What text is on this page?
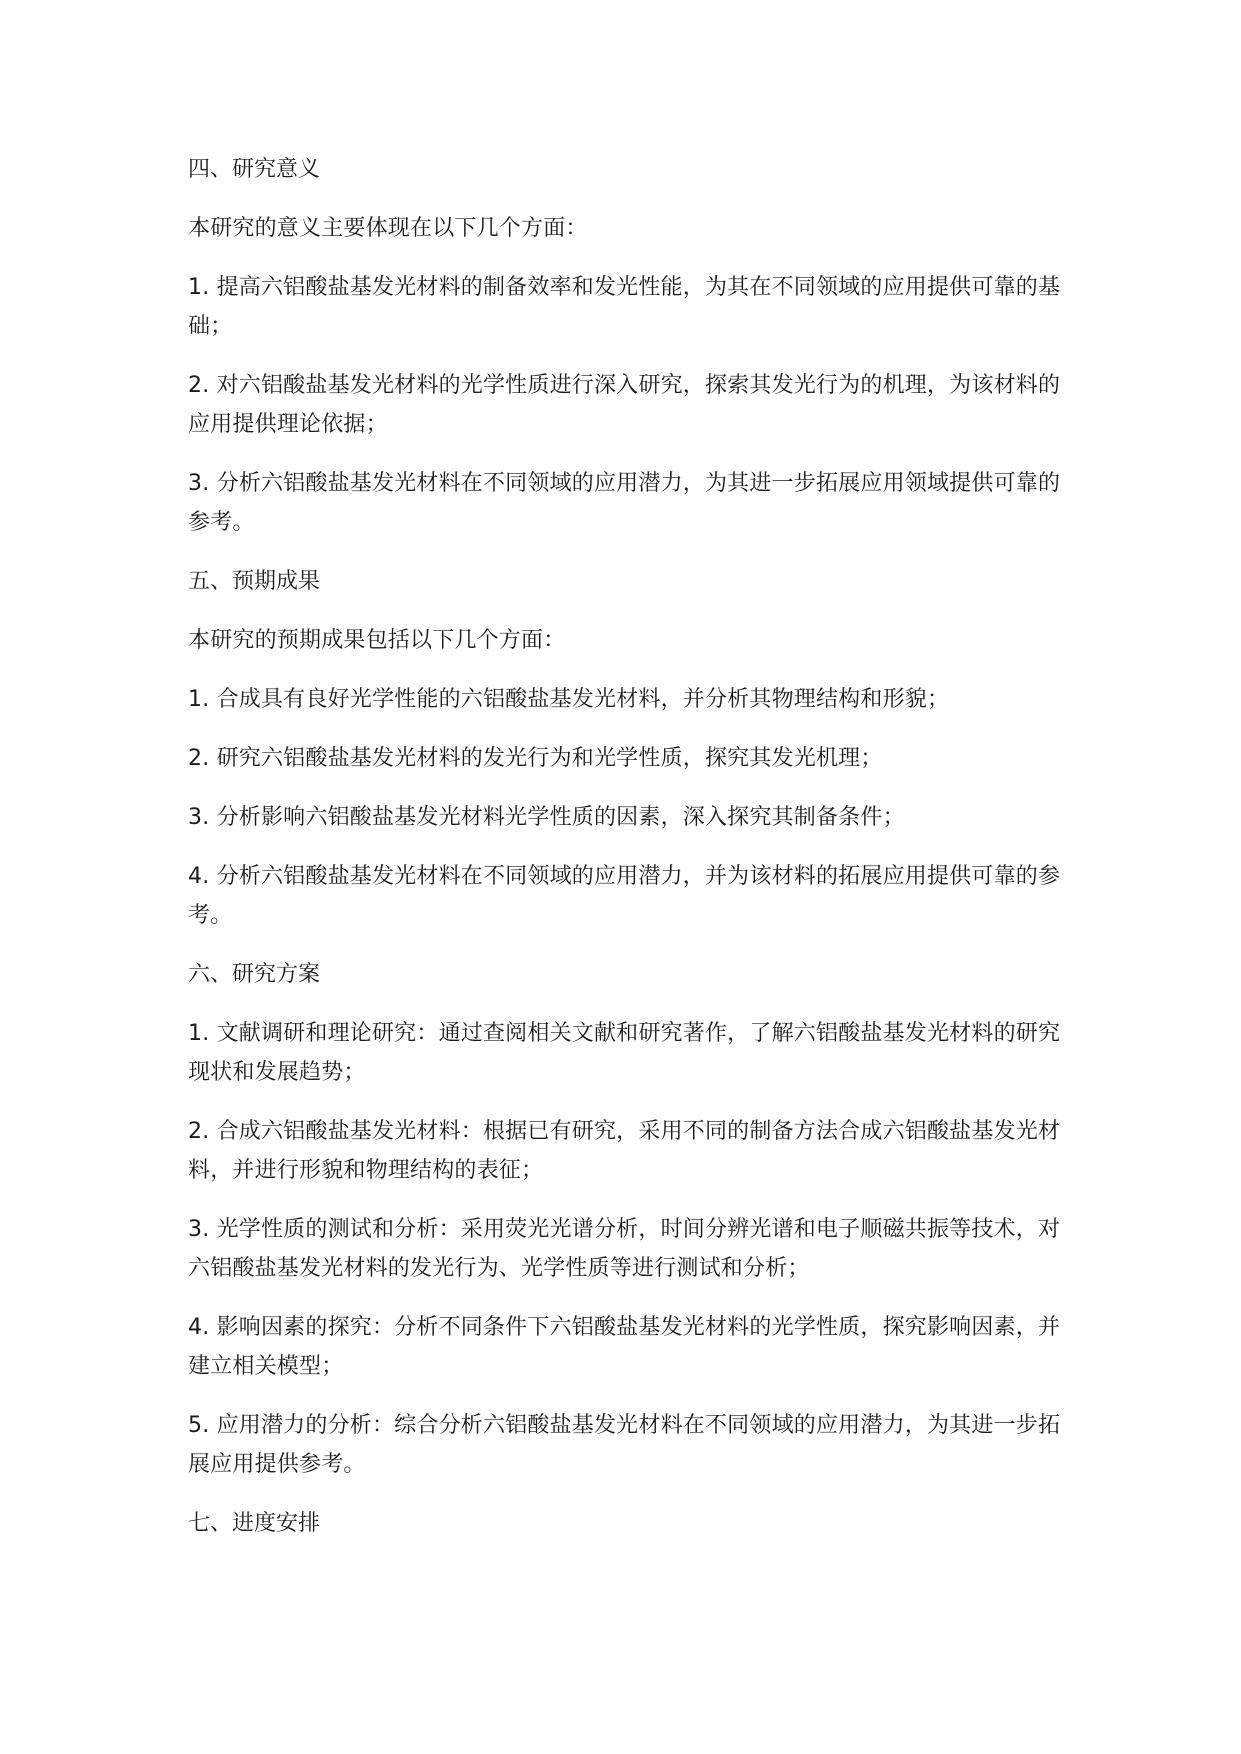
四、研究意义

本研究的意义主要体现在以下几个方面：

1. 提高六铝酸盐基发光材料的制备效率和发光性能，为其在不同领域的应用提供可靠的基础；

2. 对六铝酸盐基发光材料的光学性质进行深入研究，探索其发光行为的机理，为该材料的应用提供理论依据；

3. 分析六铝酸盐基发光材料在不同领域的应用潜力，为其进一步拓展应用领域提供可靠的参考。

五、预期成果

本研究的预期成果包括以下几个方面：

1. 合成具有良好光学性能的六铝酸盐基发光材料，并分析其物理结构和形貌；

2. 研究六铝酸盐基发光材料的发光行为和光学性质，探究其发光机理；

3. 分析影响六铝酸盐基发光材料光学性质的因素，深入探究其制备条件；

4. 分析六铝酸盐基发光材料在不同领域的应用潜力，并为该材料的拓展应用提供可靠的参考。

六、研究方案

1. 文献调研和理论研究：通过查阅相关文献和研究著作，了解六铝酸盐基发光材料的研究现状和发展趋势；

2. 合成六铝酸盐基发光材料：根据已有研究，采用不同的制备方法合成六铝酸盐基发光材料，并进行形貌和物理结构的表征；

3. 光学性质的测试和分析：采用荧光光谱分析，时间分辨光谱和电子顺磁共振等技术，对六铝酸盐基发光材料的发光行为、光学性质等进行测试和分析；

4. 影响因素的探究：分析不同条件下六铝酸盐基发光材料的光学性质，探究影响因素，并建立相关模型；

5. 应用潜力的分析：综合分析六铝酸盐基发光材料在不同领域的应用潜力，为其进一步拓展应用提供参考。

七、进度安排
